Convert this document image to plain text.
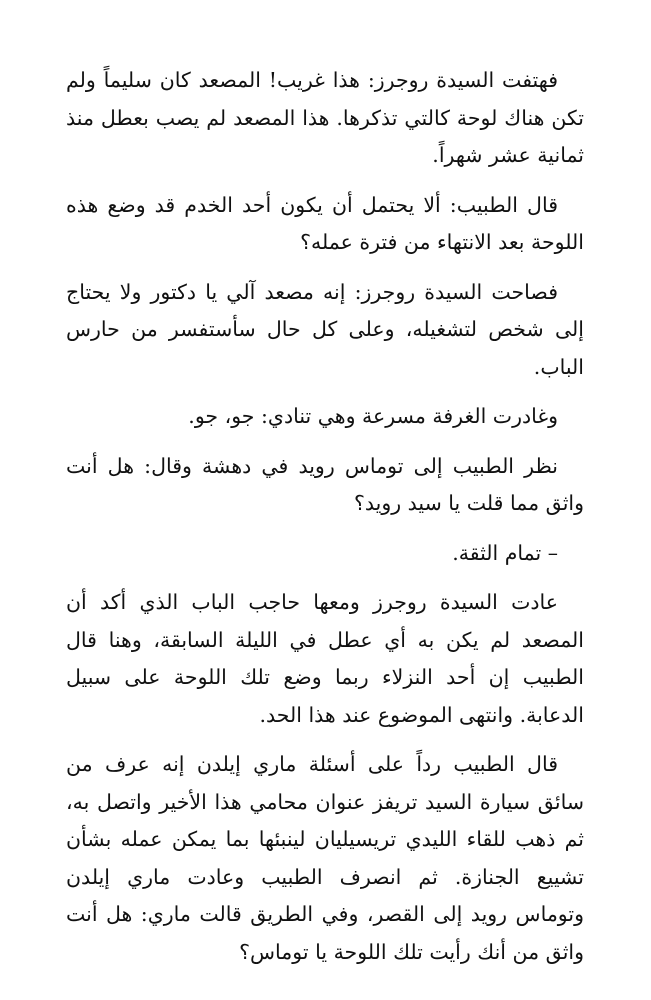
فهتفت السيدة روجرز: هذا غريب! المصعد كان سليماً ولم تكن هناك لوحة كالتي تذكرها. هذا المصعد لم يصب بعطل منذ ثمانية عشر شهراً.

قال الطبيب: ألا يحتمل أن يكون أحد الخدم قد وضع هذه اللوحة بعد الانتهاء من فترة عمله؟

فصاحت السيدة روجرز: إنه مصعد آلي يا دكتور ولا يحتاج إلى شخص لتشغيله، وعلى كل حال سأستفسر من حارس الباب.

وغادرت الغرفة مسرعة وهي تنادي: جو، جو.

نظر الطبيب إلى توماس رويد في دهشة وقال: هل أنت واثق مما قلت يا سيد رويد؟

– تمام الثقة.

عادت السيدة روجرز ومعها حاجب الباب الذي أكد أن المصعد لم يكن به أي عطل في الليلة السابقة، وهنا قال الطبيب إن أحد النزلاء ربما وضع تلك اللوحة على سبيل الدعابة. وانتهى الموضوع عند هذا الحد.

قال الطبيب رداً على أسئلة ماري إيلدن إنه عرف من سائق سيارة السيد تريفز عنوان محامي هذا الأخير واتصل به، ثم ذهب للقاء الليدي تريسيليان لينبئها بما يمكن عمله بشأن تشييع الجنازة. ثم انصرف الطبيب وعادت ماري إيلدن وتوماس رويد إلى القصر، وفي الطريق قالت ماري: هل أنت واثق من أنك رأيت تلك اللوحة يا توماس؟
